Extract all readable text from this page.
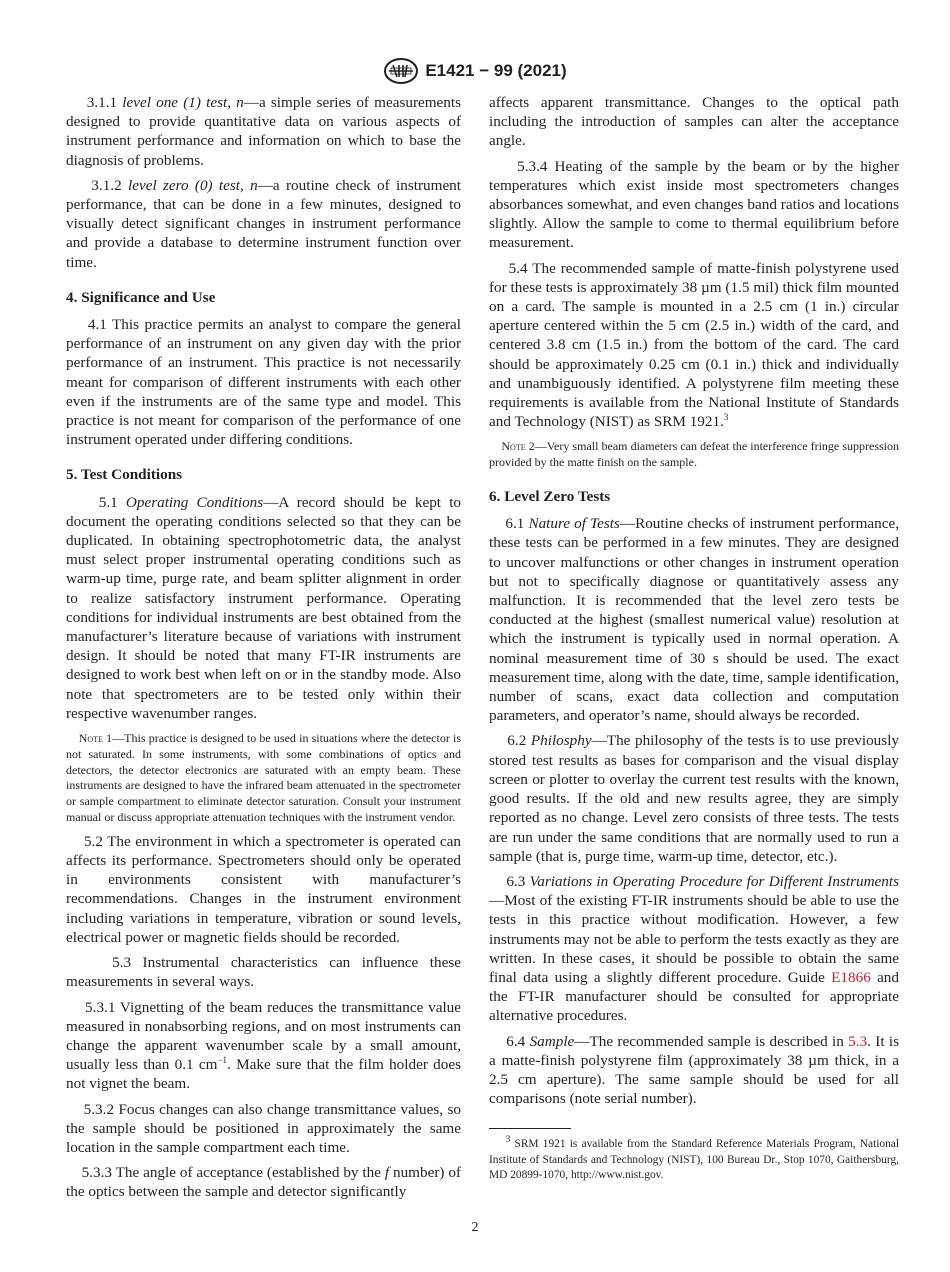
E1421 − 99 (2021)

3.1.1 level one (1) test, n—a simple series of measurements designed to provide quantitative data on various aspects of instrument performance and information on which to base the diagnosis of problems.

3.1.2 level zero (0) test, n—a routine check of instrument performance, that can be done in a few minutes, designed to visually detect significant changes in instrument performance and provide a database to determine instrument function over time.

4. Significance and Use

4.1 This practice permits an analyst to compare the general performance of an instrument on any given day with the prior performance of an instrument. This practice is not necessarily meant for comparison of different instruments with each other even if the instruments are of the same type and model. This practice is not meant for comparison of the performance of one instrument operated under differing conditions.

5. Test Conditions

5.1 Operating Conditions—A record should be kept to document the operating conditions selected so that they can be duplicated. In obtaining spectrophotometric data, the analyst must select proper instrumental operating conditions such as warm-up time, purge rate, and beam splitter alignment in order to realize satisfactory instrument performance. Operating conditions for individual instruments are best obtained from the manufacturer’s literature because of variations with instrument design. It should be noted that many FT-IR instruments are designed to work best when left on or in the standby mode. Also note that spectrometers are to be tested only within their respective wavenumber ranges.

Note 1—This practice is designed to be used in situations where the detector is not saturated. In some instruments, with some combinations of optics and detectors, the detector electronics are saturated with an empty beam. These instruments are designed to have the infrared beam attenuated in the spectrometer or sample compartment to eliminate detector saturation. Consult your instrument manual or discuss appropriate attenuation techniques with the instrument vendor.

5.2 The environment in which a spectrometer is operated can affects its performance. Spectrometers should only be operated in environments consistent with manufacturer’s recommendations. Changes in the instrument environment including variations in temperature, vibration or sound levels, electrical power or magnetic fields should be recorded.

5.3 Instrumental characteristics can influence these measurements in several ways.

5.3.1 Vignetting of the beam reduces the transmittance value measured in nonabsorbing regions, and on most instruments can change the apparent wavenumber scale by a small amount, usually less than 0.1 $cm^{-1}$. Make sure that the film holder does not vignet the beam.

5.3.2 Focus changes can also change transmittance values, so the sample should be positioned in approximately the same location in the sample compartment each time.

5.3.3 The angle of acceptance (established by the f number) of the optics between the sample and detector significantly

affects apparent transmittance. Changes to the optical path including the introduction of samples can alter the acceptance angle.

5.3.4 Heating of the sample by the beam or by the higher temperatures which exist inside most spectrometers changes absorbances somewhat, and even changes band ratios and locations slightly. Allow the sample to come to thermal equilibrium before measurement.

5.4 The recommended sample of matte-finish polystyrene used for these tests is approximately 38 µm (1.5 mil) thick film mounted on a card. The sample is mounted in a 2.5 cm (1 in.) circular aperture centered within the 5 cm (2.5 in.) width of the card, and centered 3.8 cm (1.5 in.) from the bottom of the card. The card should be approximately 0.25 cm (0.1 in.) thick and individually and unambiguously identified. A polystyrene film meeting these requirements is available from the National Institute of Standards and Technology (NIST) as SRM 1921.$^3$

Note 2—Very small beam diameters can defeat the interference fringe suppression provided by the matte finish on the sample.
6. Level Zero Tests

6.1 Nature of Tests—Routine checks of instrument performance, these tests can be performed in a few minutes. They are designed to uncover malfunctions or other changes in instrument operation but not to specifically diagnose or quantitatively assess any malfunction. It is recommended that the level zero tests be conducted at the highest (smallest numerical value) resolution at which the instrument is typically used in normal operation. A nominal measurement time of 30 s should be used. The exact measurement time, along with the date, time, sample identification, number of scans, exact data collection and computation parameters, and operator’s name, should always be recorded.

6.2 Philosphy—The philosophy of the tests is to use previously stored test results as bases for comparison and the visual display screen or plotter to overlay the current test results with the known, good results. If the old and new results agree, they are simply reported as no change. Level zero consists of three tests. The tests are run under the same conditions that are normally used to run a sample (that is, purge time, warm-up time, detector, etc.).

6.3 Variations in Operating Procedure for Different Instruments—Most of the existing FT-IR instruments should be able to use the tests in this practice without modification. However, a few instruments may not be able to perform the tests exactly as they are written. In these cases, it should be possible to obtain the same final data using a slightly different procedure. Guide E1866 and the FT-IR manufacturer should be consulted for appropriate alternative procedures.

6.4 Sample—The recommended sample is described in 5.3. It is a matte-finish polystyrene film (approximately 38 µm thick, in a 2.5 cm aperture). The same sample should be used for all comparisons (note serial number).

$^3$ SRM 1921 is available from the Standard Reference Materials Program, National Institute of Standards and Technology (NIST), 100 Bureau Dr., Stop 1070, Gaithersburg, MD 20899-1070, http://www.nist.gov.
2
